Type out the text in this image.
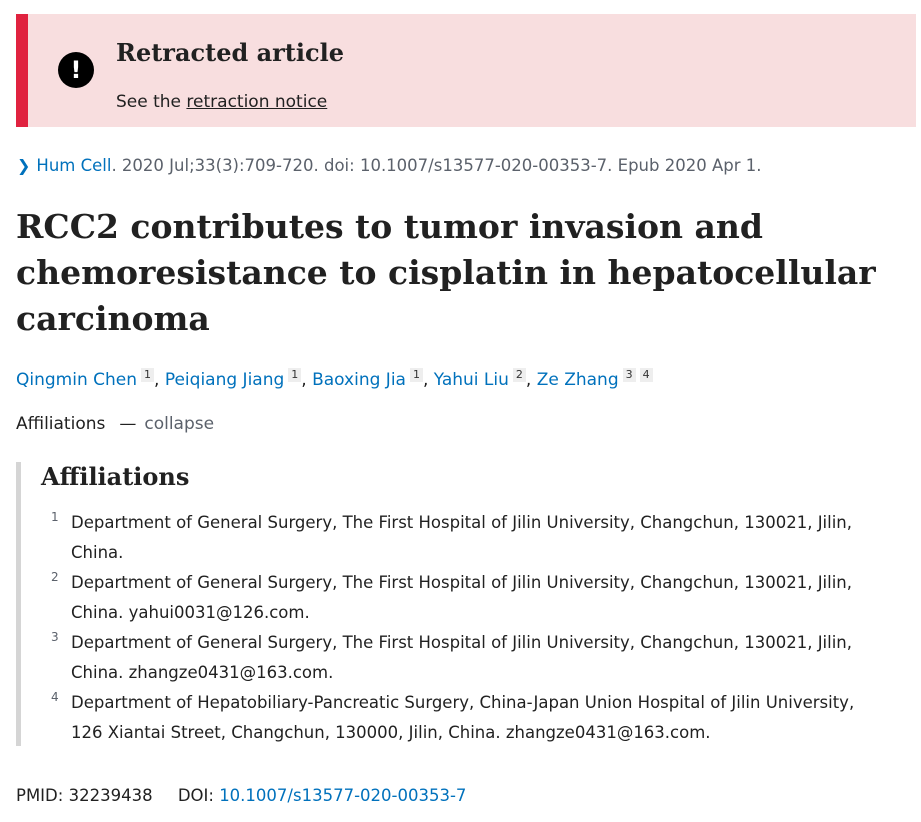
!
Retracted article
See the retraction notice
❯ Hum Cell. 2020 Jul;33(3):709-720. doi: 10.1007/s13577-020-00353-7. Epub 2020 Apr 1.
RCC2 contributes to tumor invasion and
chemoresistance to cisplatin in hepatocellular
carcinoma
Qingmin Chen 1 , Peiqiang Jiang 1 , Baoxing Jia 1 , Yahui Liu 2 , Ze Zhang 3 4
Affiliations — collapse
Affiliations
1 Department of General Surgery, The First Hospital of Jilin University, Changchun, 130021, Jilin,
China.
2 Department of General Surgery, The First Hospital of Jilin University, Changchun, 130021, Jilin,
China. yahui0031@126.com.
3 Department of General Surgery, The First Hospital of Jilin University, Changchun, 130021, Jilin,
China. zhangze0431@163.com.
4 Department of Hepatobiliary-Pancreatic Surgery, China-Japan Union Hospital of Jilin University,
126 Xiantai Street, Changchun, 130000, Jilin, China. zhangze0431@163.com.
PMID: 32239438 DOI: 10.1007/s13577-020-00353-7
